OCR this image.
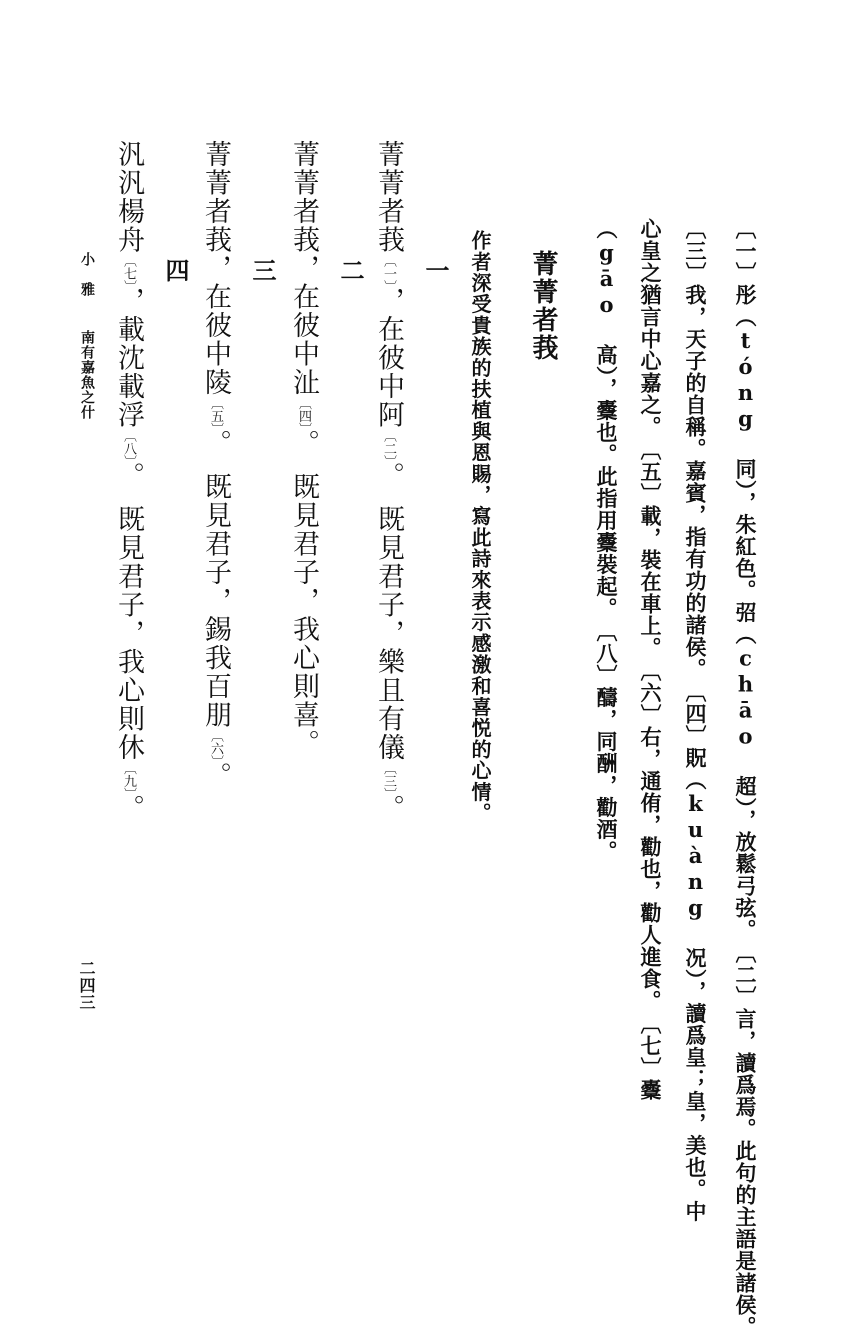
〔一〕彤（tóng 同），朱紅色。弨（chāo 超），放鬆弓弦。　〔二〕言，讀爲焉。此句的主語是諸侯。
〔三〕我，天子的自稱。嘉賓，指有功的諸侯。　〔四〕貺（kuàng 况），讀爲皇；皇，美也。中
心皇之猶言中心嘉之。　〔五〕載，裝在車上。　〔六〕右，通侑，勸也，勸人進食。　〔七〕櫜
（gāo 高），櫜也。此指用櫜裝起。　〔八〕醻，同酬，勸酒。
菁菁者莪
作者深受貴族的扶植與恩賜，寫此詩來表示感激和喜悦的心情。
一
菁菁者莪〔一〕，在彼中阿〔二〕。　既見君子，樂且有儀〔三〕。
二
菁菁者莪，在彼中沚〔四〕。　既見君子，我心則喜。
三
菁菁者莪，在彼中陵〔五〕。　既見君子，錫我百朋〔六〕。
四
汎汎楊舟〔七〕，載沈載浮〔八〕。　既見君子，我心則休〔九〕。
小　雅
南有嘉魚之什
二四三
